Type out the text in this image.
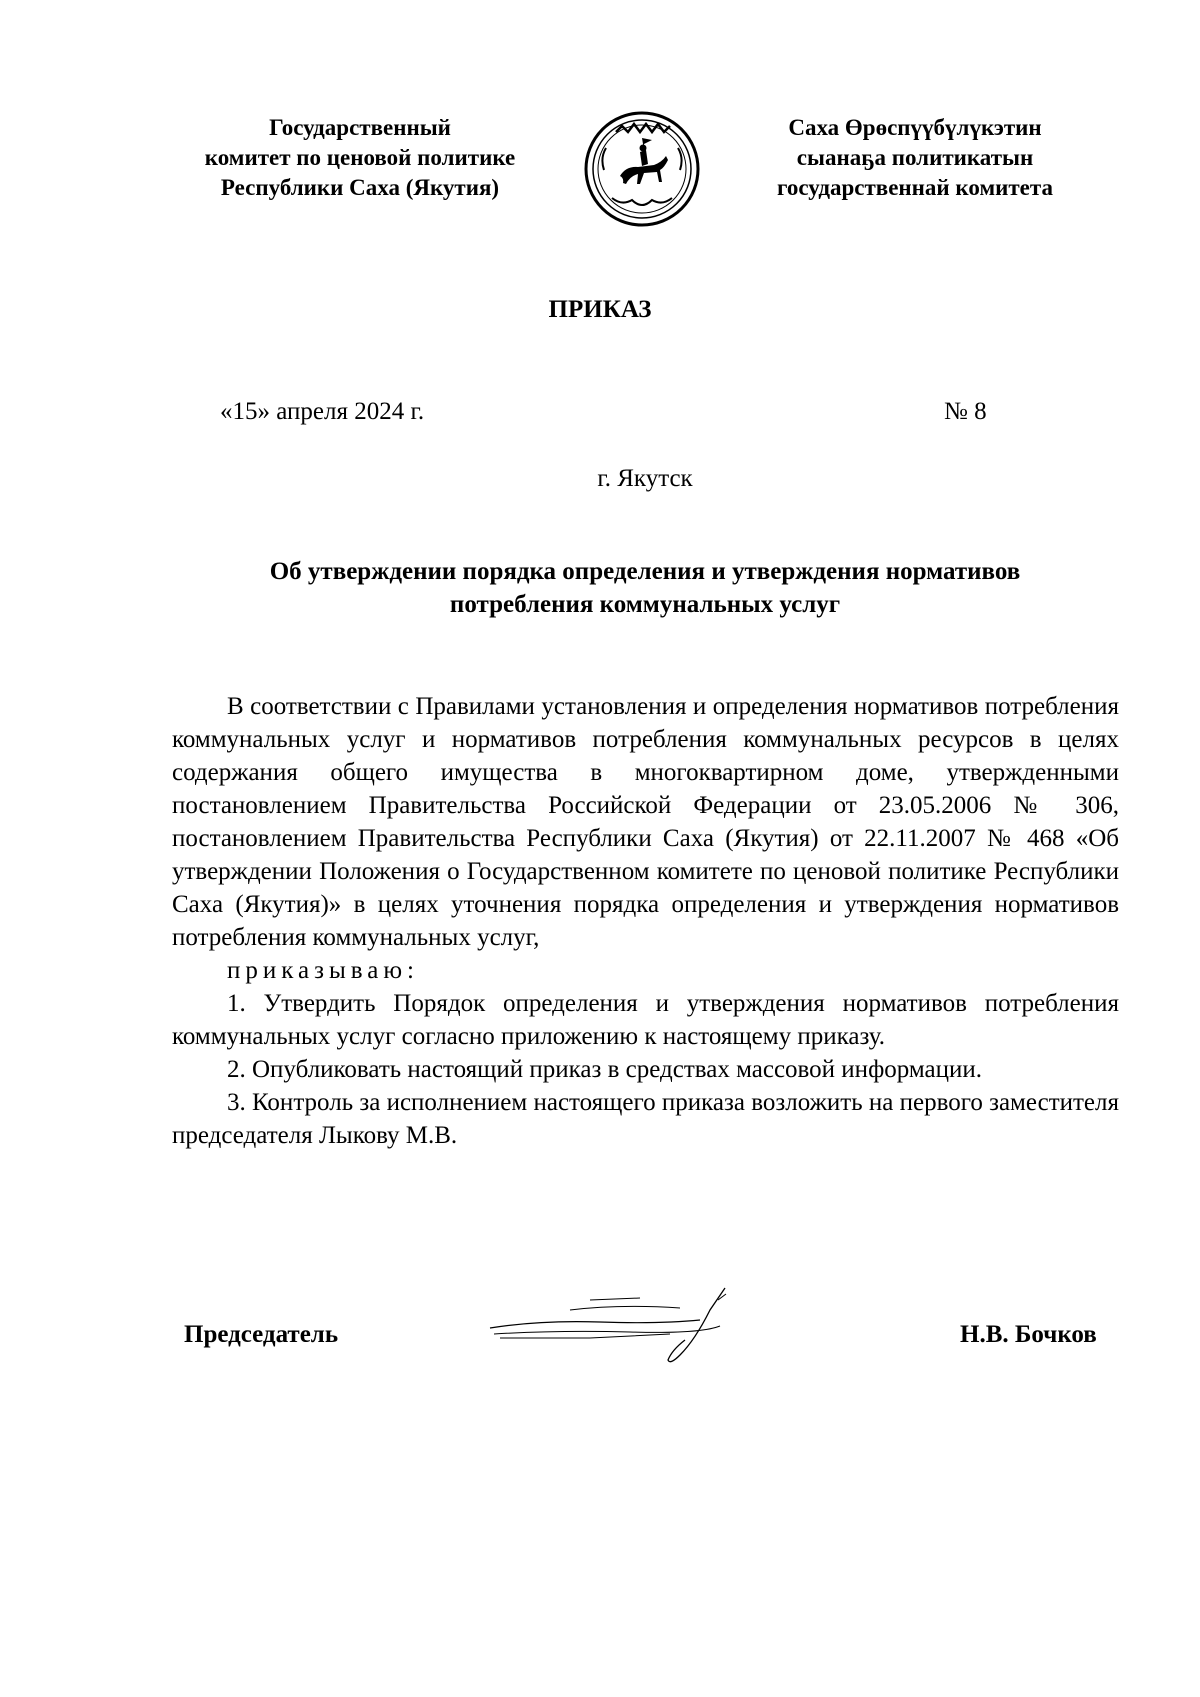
Государственный
комитет по ценовой политике
Республики Саха (Якутия)
Саха Өрөспүүбүлүкэтин
сыанаҕа политикатын
государственнай комитета
ПРИКАЗ
«15» апреля 2024 г.	№ 8
г. Якутск
Об утверждении порядка определения и утверждения нормативов
потребления коммунальных услуг

В соответствии с Правилами установления и определения нормативов потребления коммунальных услуг и нормативов потребления коммунальных ресурсов в целях содержания общего имущества в многоквартирном доме, утвержденными постановлением Правительства Российской Федерации от 23.05.2006 № 306, постановлением Правительства Республики Саха (Якутия) от 22.11.2007 № 468 «Об утверждении Положения о Государственном комитете по ценовой политике Республики Саха (Якутия)» в целях уточнения порядка определения и утверждения нормативов потребления коммунальных услуг,

приказываю:

1. Утвердить Порядок определения и утверждения нормативов потребления коммунальных услуг согласно приложению к настоящему приказу.

2. Опубликовать настоящий приказ в средствах массовой информации.

3. Контроль за исполнением настоящего приказа возложить на первого заместителя председателя Лыкову М.В.

Председатель	Н.В. Бочков
